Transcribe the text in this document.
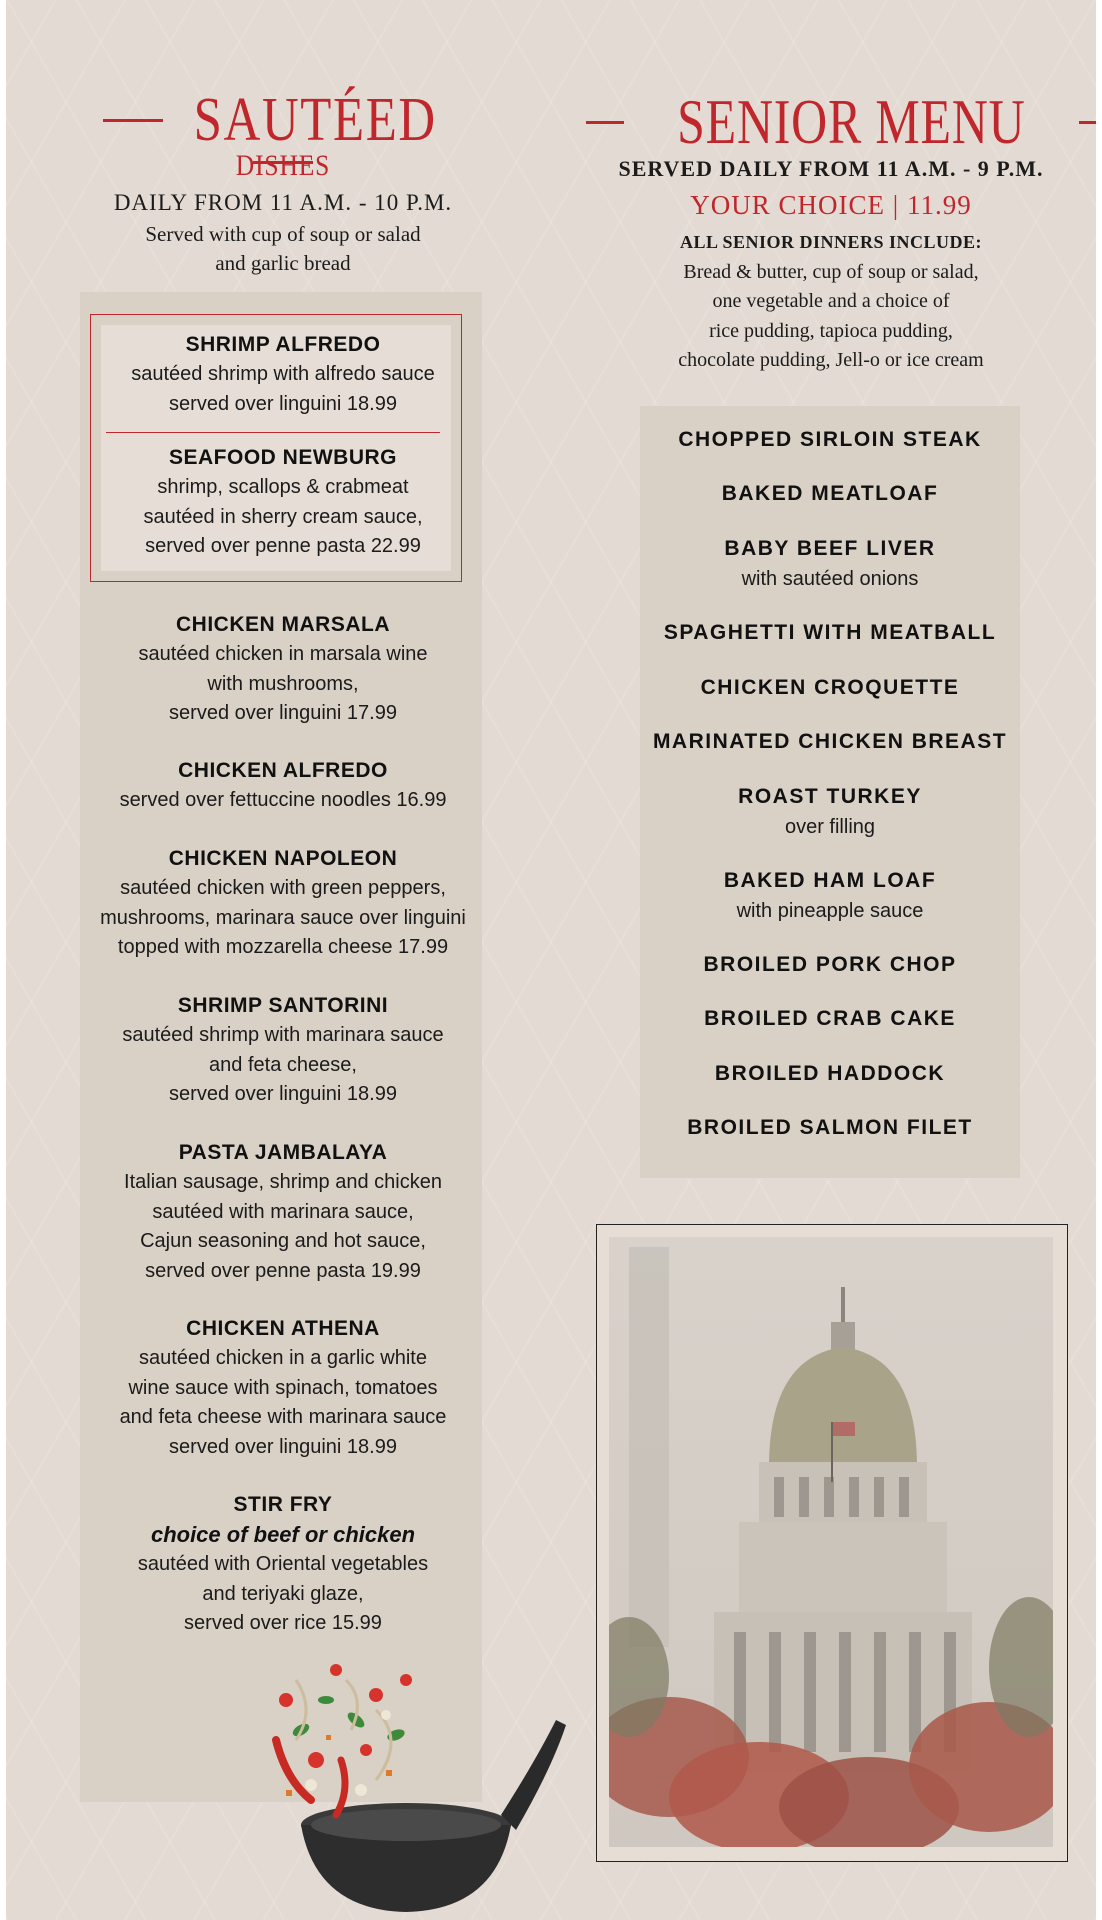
SAUTÉED
DISHES
DAILY FROM 11 A.M. - 10 P.M.
Served with cup of soup or salad
and garlic bread
SHRIMP ALFREDO
sautéed shrimp with alfredo sauce
served over linguini 18.99
SEAFOOD NEWBURG
shrimp, scallops & crabmeat
sautéed in sherry cream sauce,
served over penne pasta 22.99
CHICKEN MARSALA
sautéed chicken in marsala wine
with mushrooms,
served over linguini 17.99
CHICKEN ALFREDO
served over fettuccine noodles 16.99
CHICKEN NAPOLEON
sautéed chicken with green peppers,
mushrooms, marinara sauce over linguini
topped with mozzarella cheese 17.99
SHRIMP SANTORINI
sautéed shrimp with marinara sauce
and feta cheese,
served over linguini 18.99
PASTA JAMBALAYA
Italian sausage, shrimp and chicken
sautéed with marinara sauce,
Cajun seasoning and hot sauce,
served over penne pasta 19.99
CHICKEN ATHENA
sautéed chicken in a garlic white
wine sauce with spinach, tomatoes
and feta cheese with marinara sauce
served over linguini 18.99
STIR FRY
choice of beef or chicken
sautéed with Oriental vegetables
and teriyaki glaze,
served over rice 15.99
SENIOR MENU
SERVED DAILY FROM 11 A.M. - 9 P.M.
YOUR CHOICE | 11.99
ALL SENIOR DINNERS INCLUDE:
Bread & butter, cup of soup or salad,
one vegetable and a choice of
rice pudding, tapioca pudding,
chocolate pudding, Jell-o or ice cream
CHOPPED SIRLOIN STEAK
BAKED MEATLOAF
BABY BEEF LIVER
with sautéed onions
SPAGHETTI WITH MEATBALL
CHICKEN CROQUETTE
MARINATED CHICKEN BREAST
ROAST TURKEY
over filling
BAKED HAM LOAF
with pineapple sauce
BROILED PORK CHOP
BROILED CRAB CAKE
BROILED HADDOCK
BROILED SALMON FILET
